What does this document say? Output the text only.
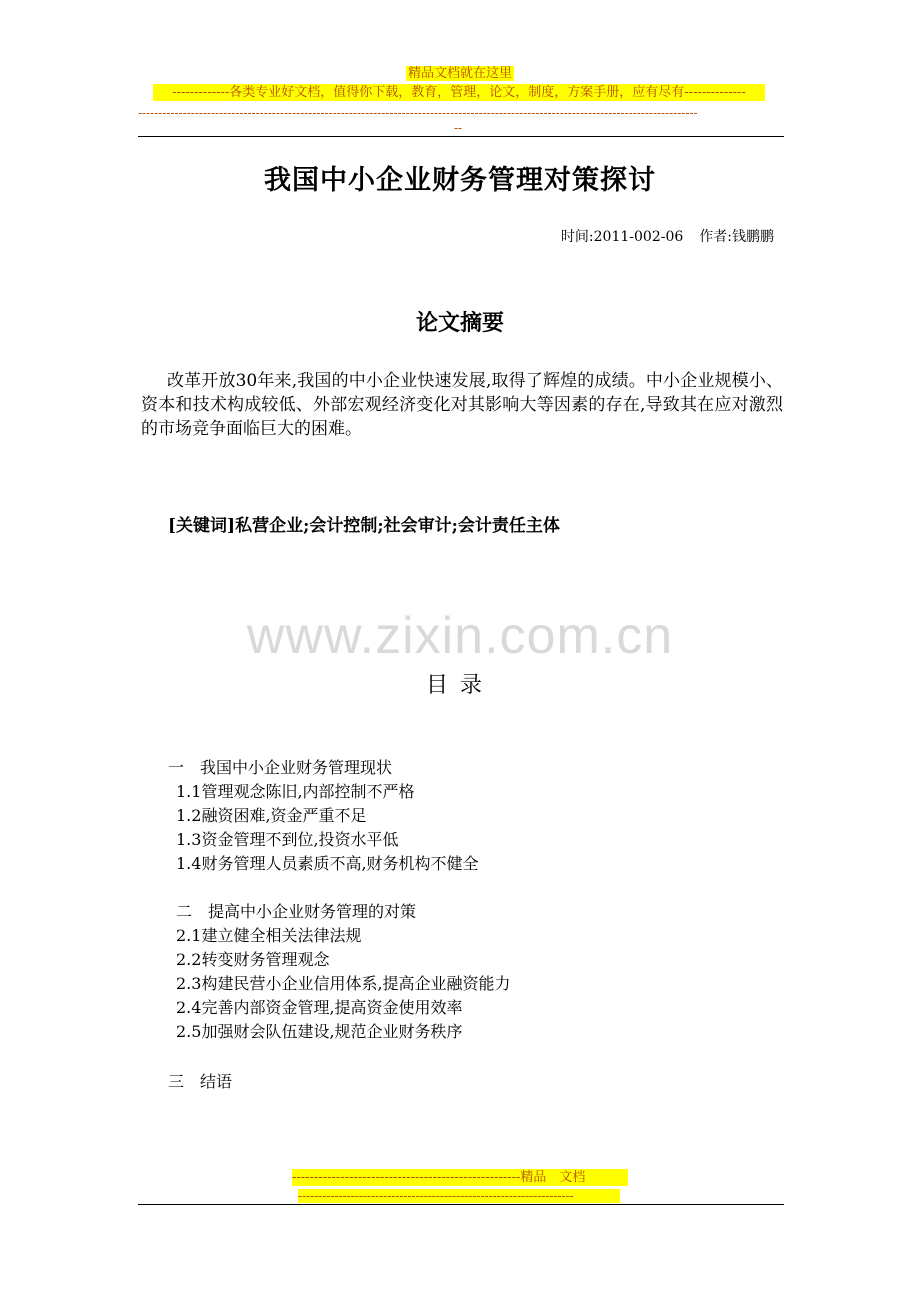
精品文档就在这里
-------------各类专业好文档，值得你下载，教育，管理，论文，制度，方案手册，应有尽有--------------
------------------------------------------------------------------------------------------------------------------------------------------
--
我国中小企业财务管理对策探讨
时间:2011-002-06 作者:钱鹏鹏
论文摘要
改革开放30年来,我国的中小企业快速发展,取得了辉煌的成绩。中小企业规模小、资本和技术构成较低、外部宏观经济变化对其影响大等因素的存在,导致其在应对激烈的市场竞争面临巨大的困难。
[关键词]私营企业;会计控制;社会审计;会计责任主体
www.zixin.com.cn
目录
一　我国中小企业财务管理现状
1.1管理观念陈旧,内部控制不严格
1.2融资困难,资金严重不足
1.3资金管理不到位,投资水平低
1.4财务管理人员素质不高,财务机构不健全
二　提高中小企业财务管理的对策
2.1建立健全相关法律法规
2.2转变财务管理观念
2.3构建民营小企业信用体系,提高企业融资能力
2.4完善内部资金管理,提高资金使用效率
2.5加强财会队伍建设,规范企业财务秩序
三　结语
----------------------------------------------------精品　文档
--------------------------------------------------------------------
